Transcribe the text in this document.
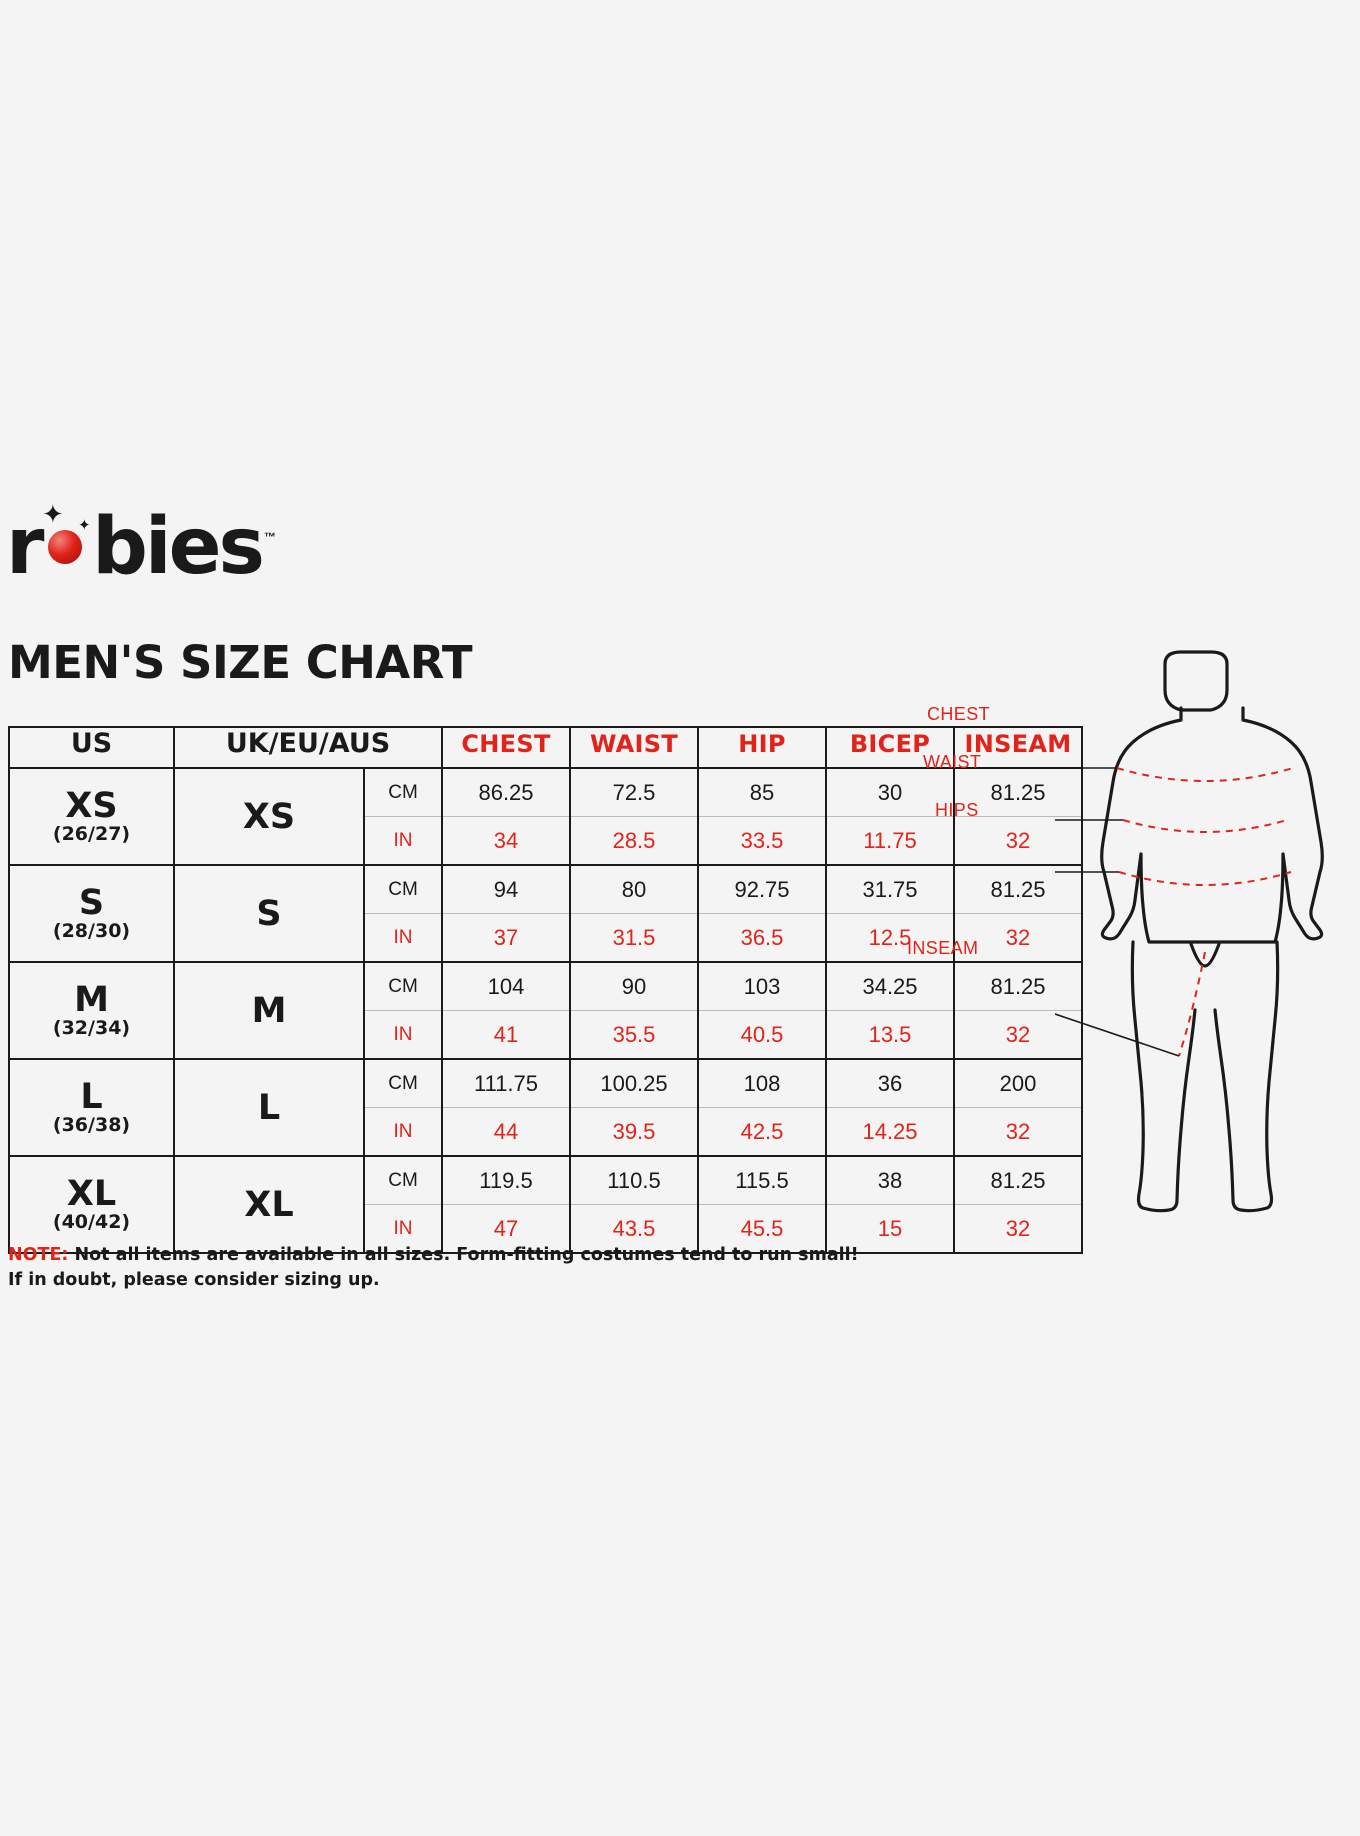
✦ ✦
r bies ™
MEN'S SIZE CHART
US	UK/EU/AUS		CHEST	WAIST	HIP	BICEP	INSEAM

XS
(26/27)	XS	CM	86.25	72.5	85	30	81.25
		IN	34	28.5	33.5	11.75	32

S
(28/30)	S	CM	94	80	92.75	31.75	81.25
		IN	37	31.5	36.5	12.5	32

M
(32/34)	M	CM	104	90	103	34.25	81.25
		IN	41	35.5	40.5	13.5	32

L
(36/38)	L	CM	111.75	100.25	108	36	200
		IN	44	39.5	42.5	14.25	32

XL
(40/42)	XL	CM	119.5	110.5	115.5	38	81.25
		IN	47	43.5	45.5	15	32
NOTE: Not all items are available in all sizes. Form-fitting costumes tend to run small!
If in doubt, please consider sizing up.
CHEST
WAIST
HIPS
INSEAM
